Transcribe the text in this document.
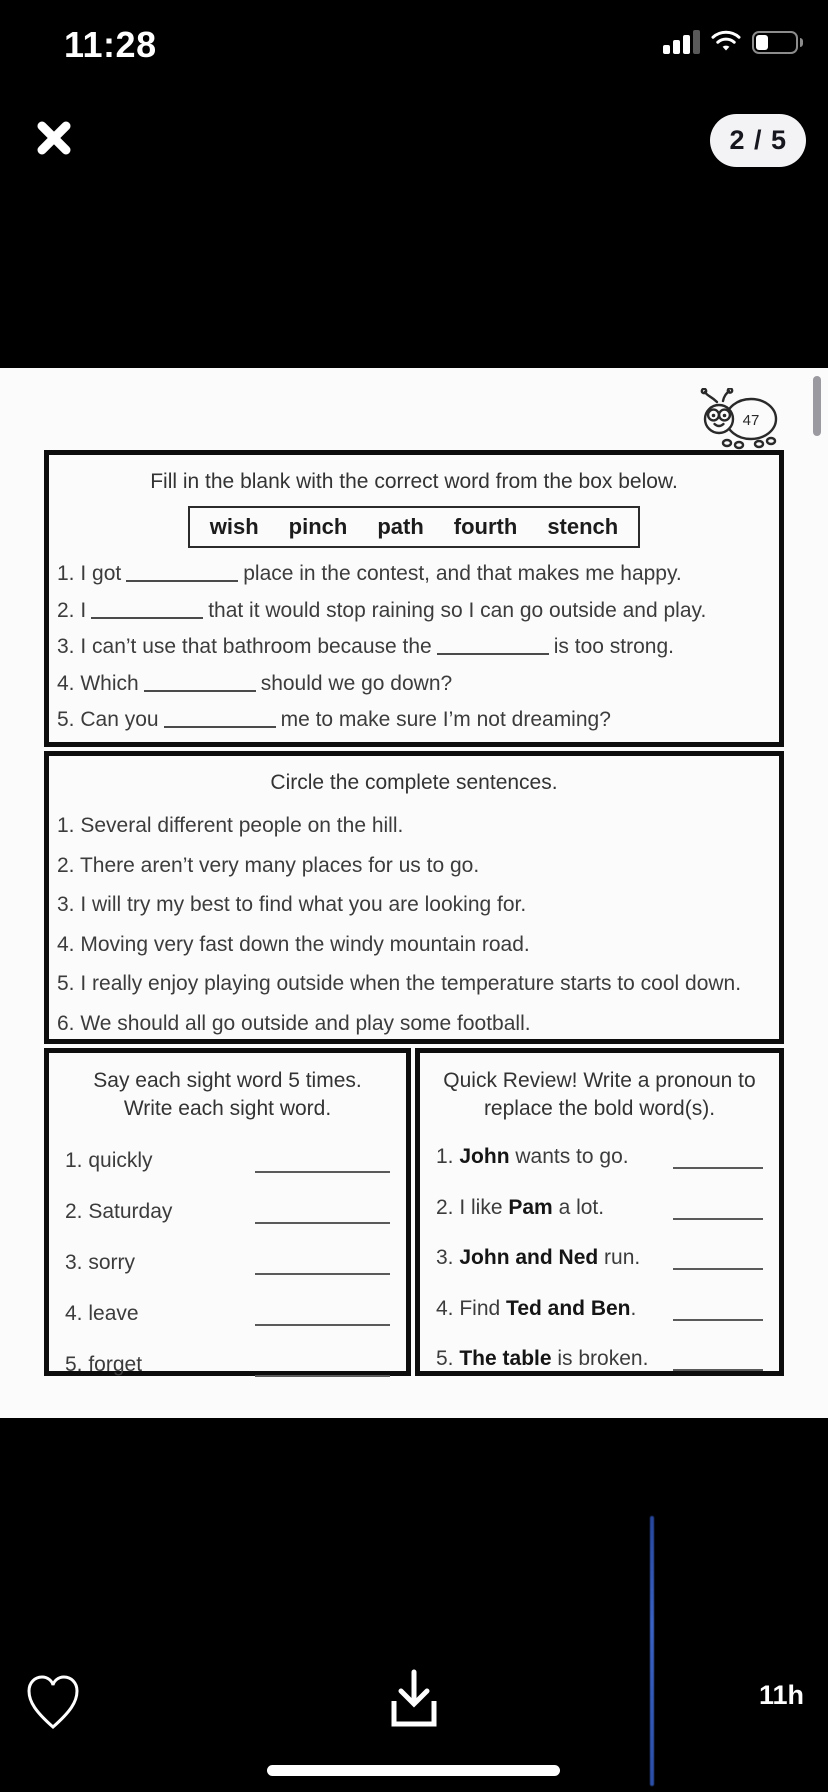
11:28
2 / 5
47
Fill in the blank with the correct word from the box below.
wish pinch path fourth stench
1. I got	place in the contest, and that makes me happy.
2. I	that it would stop raining so I can go outside and play.
3. I can’t use that bathroom because the	is too strong.
4. Which	should we go down?
5. Can you	me to make sure I’m not dreaming?
Circle the complete sentences.
1. Several different people on the hill.
2. There aren’t very many places for us to go.
3. I will try my best to find what you are looking for.
4. Moving very fast down the windy mountain road.
5. I really enjoy playing outside when the temperature starts to cool down.
6. We should all go outside and play some football.
Say each sight word 5 times. Write each sight word.
1. quickly
2. Saturday
3. sorry
4. leave
5. forget
Quick Review! Write a pronoun to replace the bold word(s).
1. John wants to go.
2. I like Pam a lot.
3. John and Ned run.
4. Find Ted and Ben.
5. The table is broken.
11h
